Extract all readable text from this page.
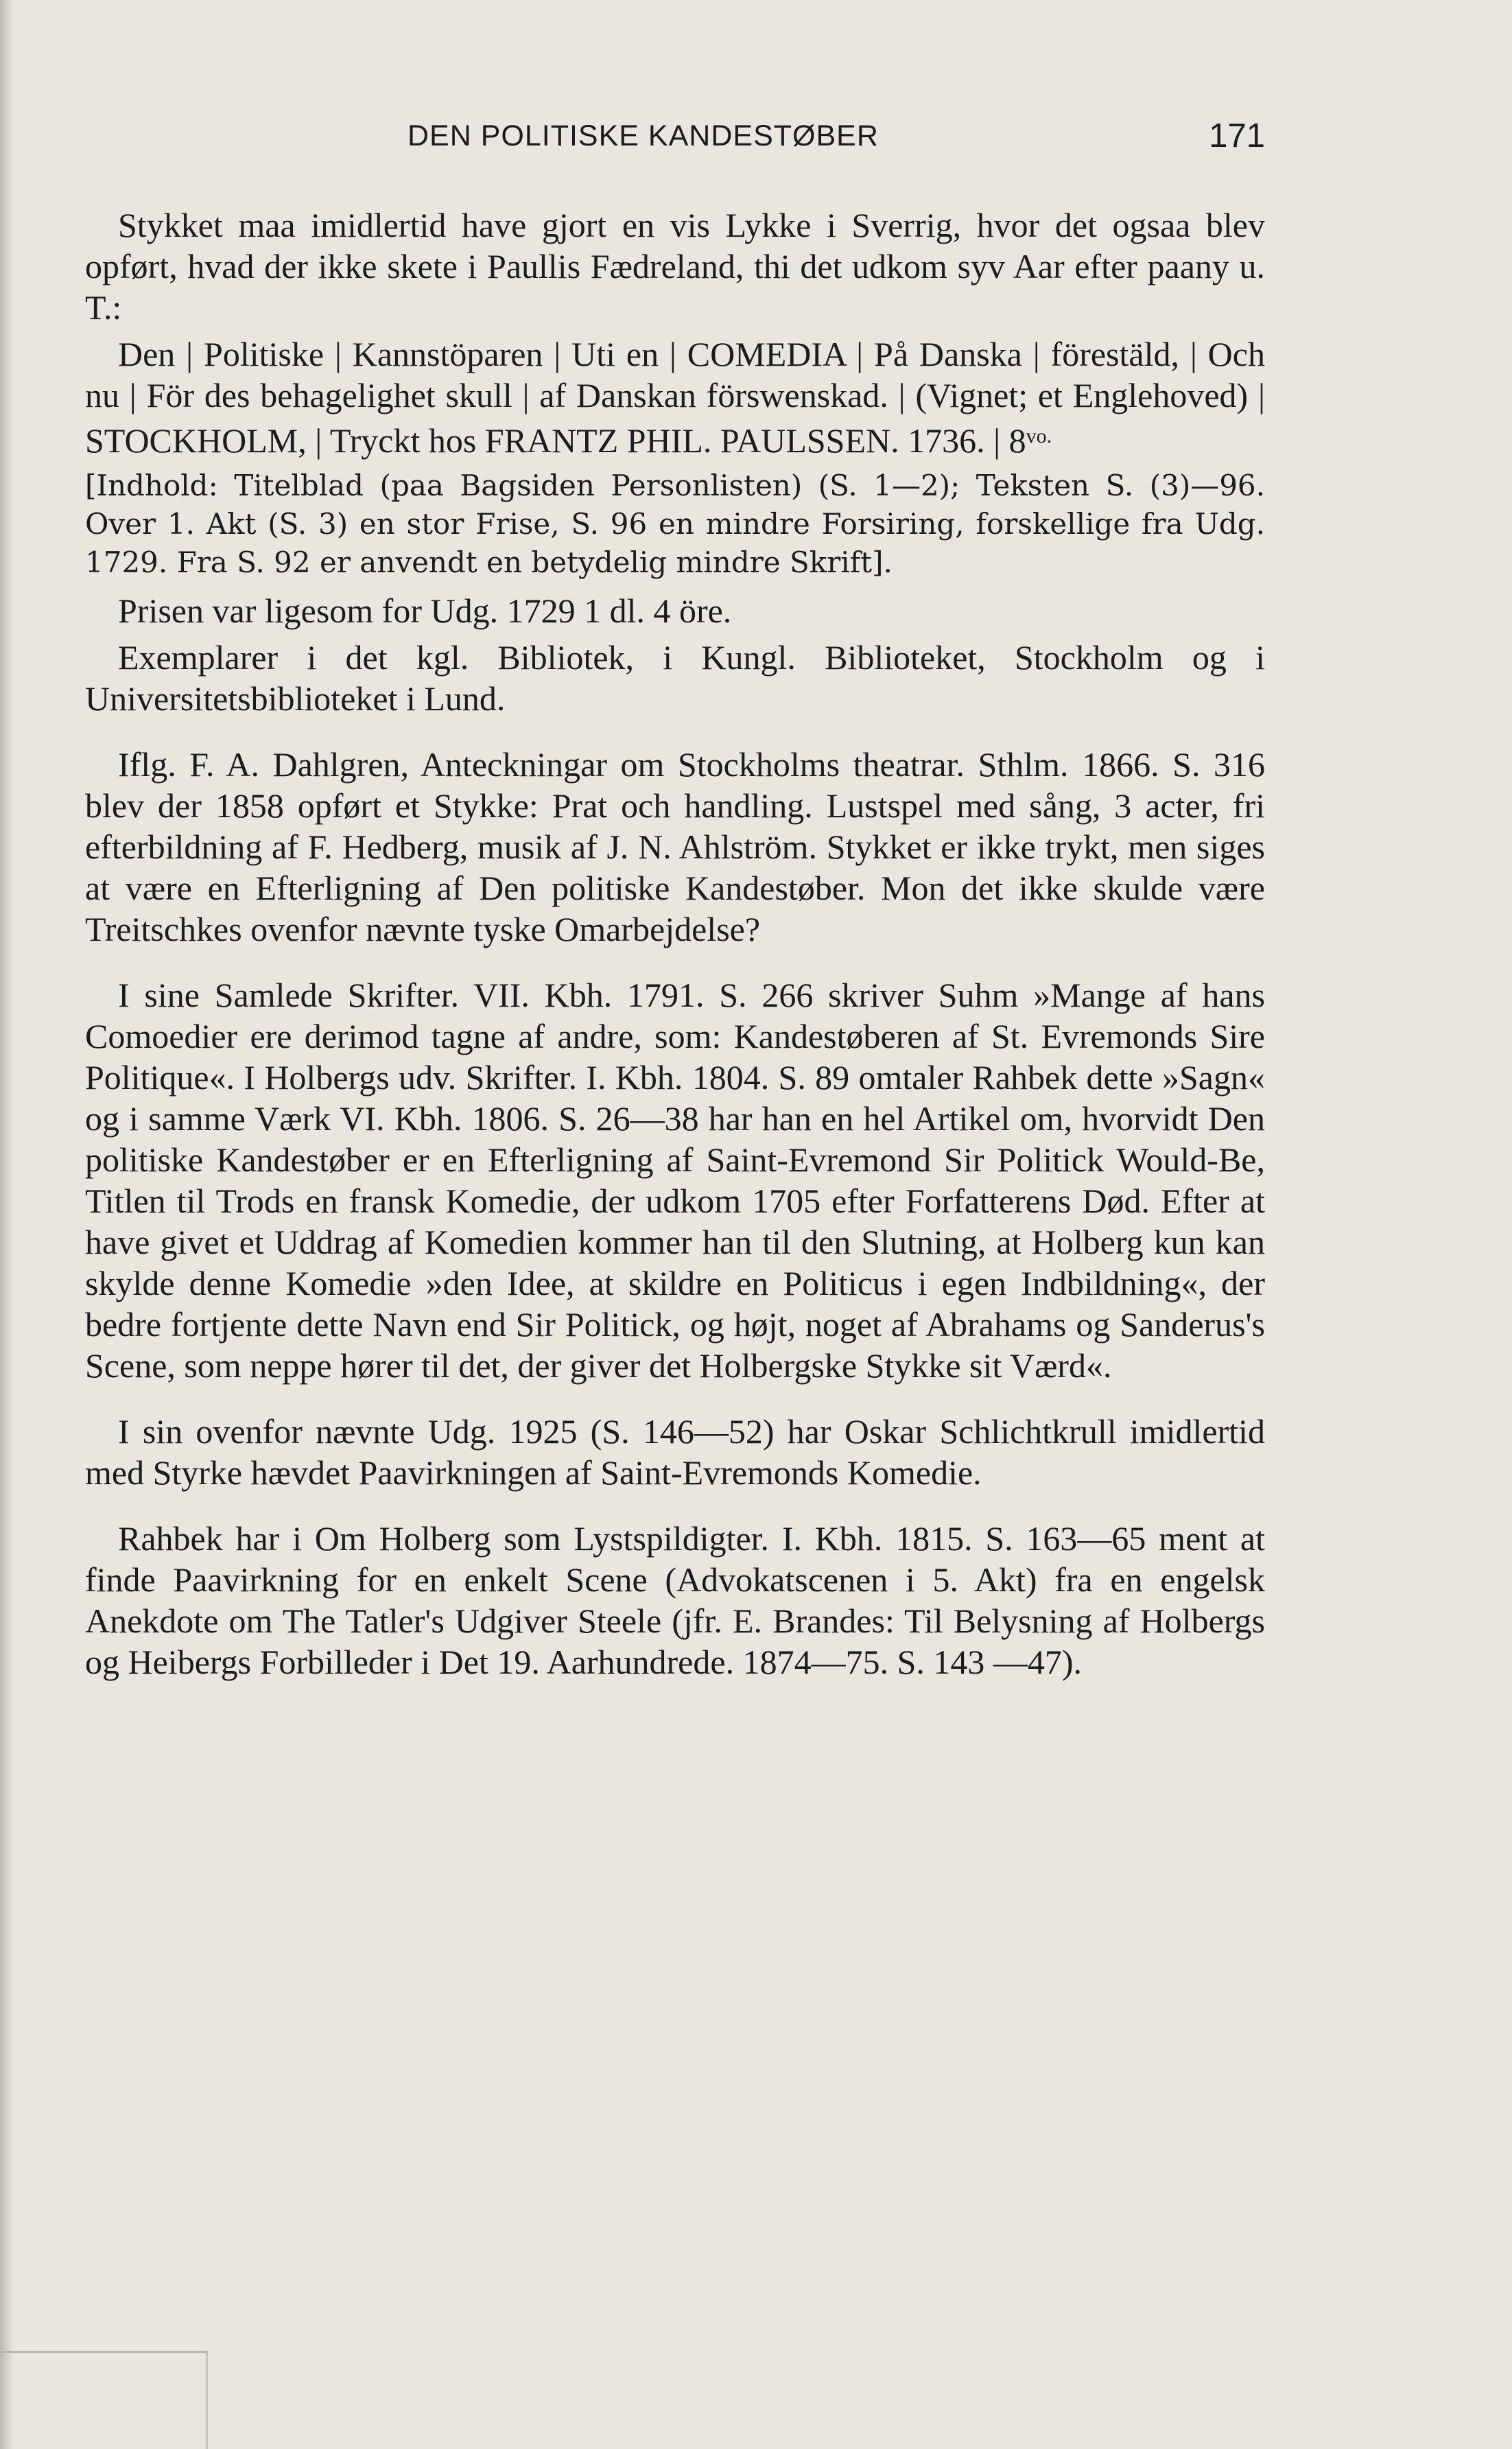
DEN POLITISKE KANDESTØBER	171

Stykket maa imidlertid have gjort en vis Lykke i Sverrig, hvor det ogsaa blev opført, hvad der ikke skete i Paullis Fædreland, thi det udkom syv Aar efter paany u. T.:

Den | Politiske | Kannstöparen | Uti en | COMEDIA | På Danska | förestäld, | Och nu | För des behagelighet skull | af Danskan förswenskad. | (Vignet; et Englehoved) | STOCKHOLM, | Tryckt hos FRANTZ PHIL. PAULSSEN. 1736. | $8^{vo.}$

[Indhold: Titelblad (paa Bagsiden Personlisten) (S. 1—2); Teksten S. (3)—96. Over 1. Akt (S. 3) en stor Frise, S. 96 en mindre Forsiring, forskellige fra Udg. 1729. Fra S. 92 er anvendt en betydelig mindre Skrift].

Prisen var ligesom for Udg. 1729 1 dl. 4 öre.

Exemplarer i det kgl. Bibliotek, i Kungl. Biblioteket, Stockholm og i Universitetsbiblioteket i Lund.

Iflg. F. A. Dahlgren, Anteckningar om Stockholms theatrar. Sthlm. 1866. S. 316 blev der 1858 opført et Stykke: Prat och handling. Lustspel med sång, 3 acter, fri efterbildning af F. Hedberg, musik af J. N. Ahlström. Stykket er ikke trykt, men siges at være en Efterligning af Den politiske Kandestøber. Mon det ikke skulde være Treitschkes ovenfor nævnte tyske Omarbejdelse?

I sine Samlede Skrifter. VII. Kbh. 1791. S. 266 skriver Suhm »Mange af hans Comoedier ere derimod tagne af andre, som: Kandestøberen af St. Evremonds Sire Politique«. I Holbergs udv. Skrifter. I. Kbh. 1804. S. 89 omtaler Rahbek dette »Sagn« og i samme Værk VI. Kbh. 1806. S. 26—38 har han en hel Artikel om, hvorvidt Den politiske Kandestøber er en Efterligning af Saint-Evremond Sir Politick Would-Be, Titlen til Trods en fransk Komedie, der udkom 1705 efter Forfatterens Død. Efter at have givet et Uddrag af Komedien kommer han til den Slutning, at Holberg kun kan skylde denne Komedie »den Idee, at skildre en Politicus i egen Indbildning«, der bedre fortjente dette Navn end Sir Politick, og højt, noget af Abrahams og Sanderus's Scene, som neppe hører til det, der giver det Holbergske Stykke sit Værd«.

I sin ovenfor nævnte Udg. 1925 (S. 146—52) har Oskar Schlichtkrull imidlertid med Styrke hævdet Paavirkningen af Saint-Evremonds Komedie.

Rahbek har i Om Holberg som Lystspildigter. I. Kbh. 1815. S. 163—65 ment at finde Paavirkning for en enkelt Scene (Advokatscenen i 5. Akt) fra en engelsk Anekdote om The Tatler's Udgiver Steele (jfr. E. Brandes: Til Belysning af Holbergs og Heibergs Forbilleder i Det 19. Aarhundrede. 1874—75. S. 143 —47).
